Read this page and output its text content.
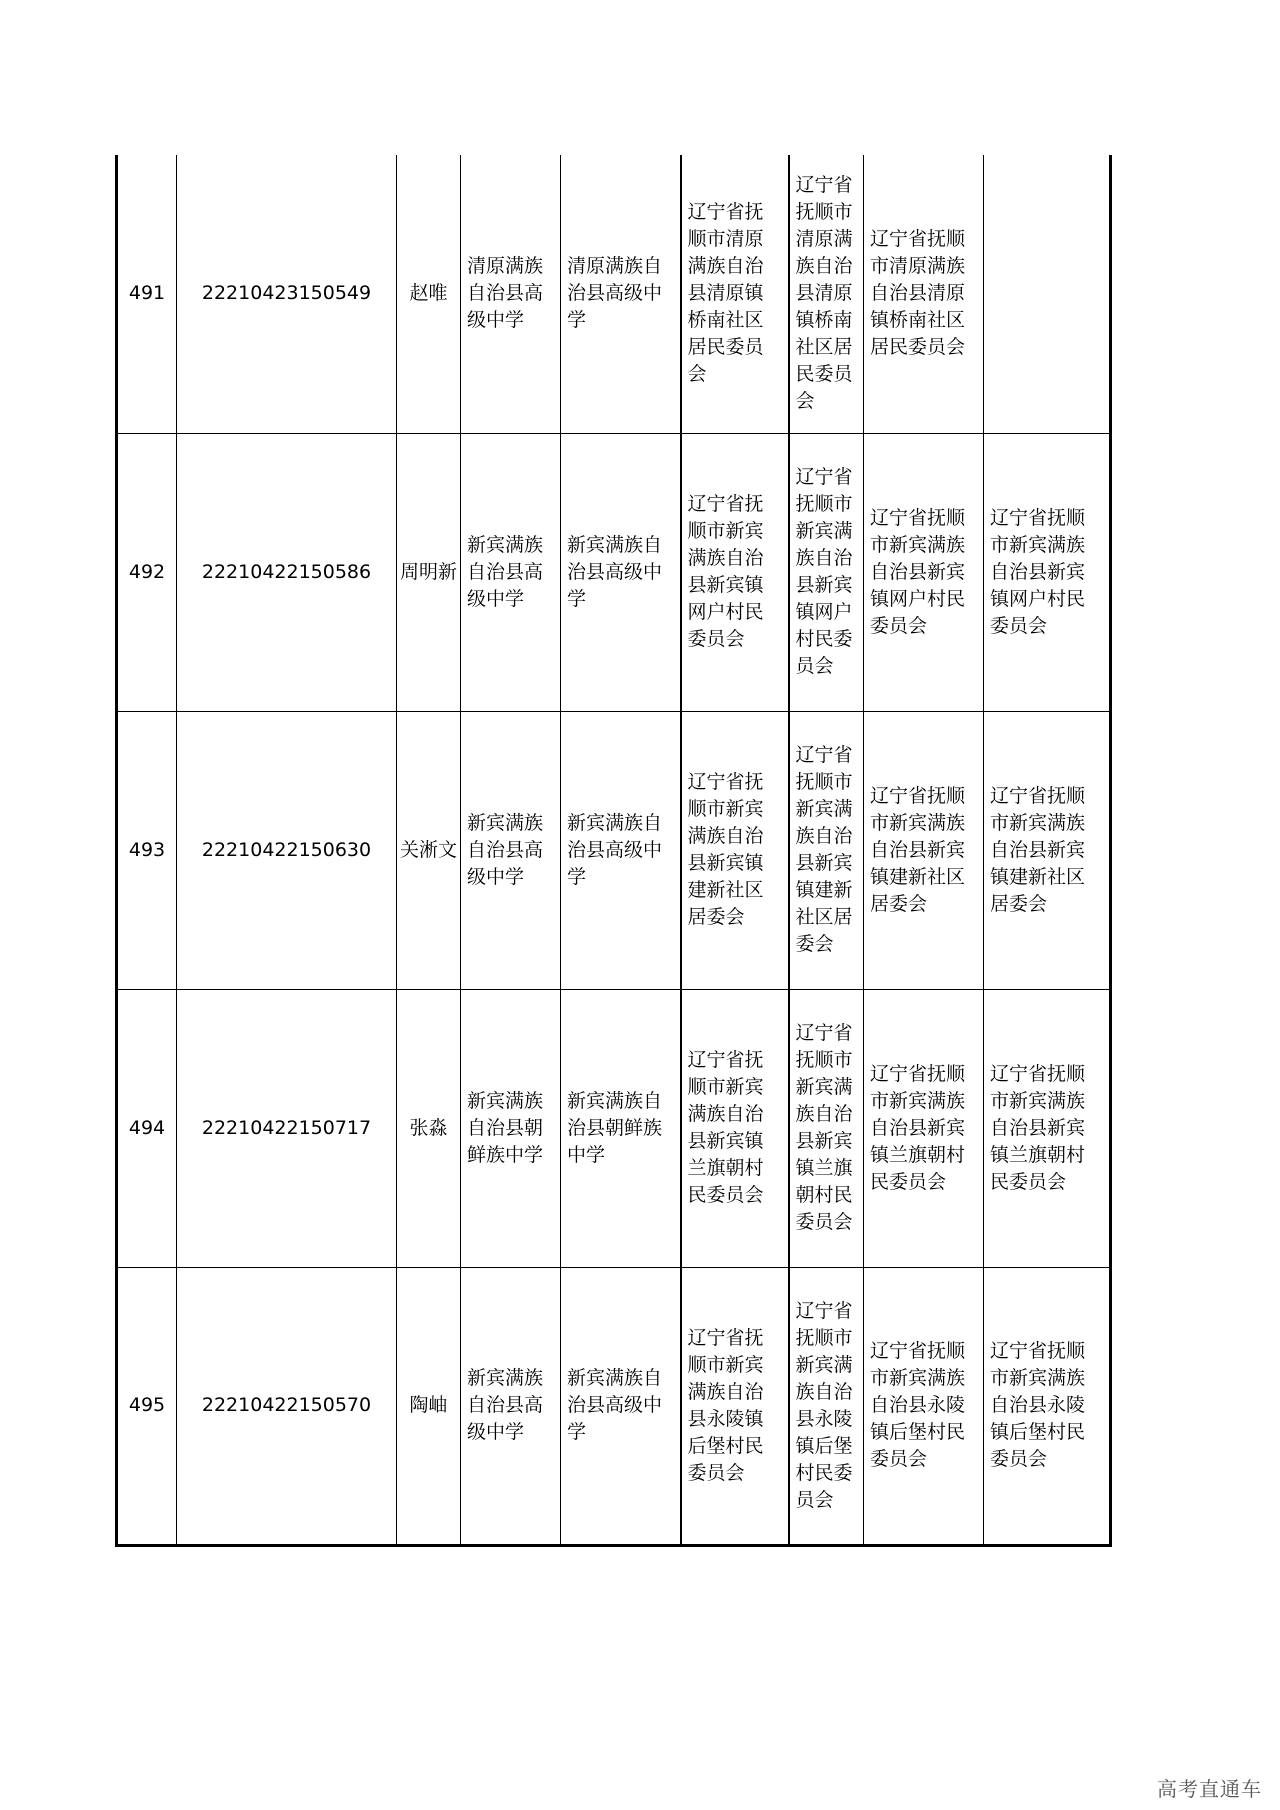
491	22210423150549	赵唯	清原满族自治县高级中学	清原满族自治县高级中学	辽宁省抚顺市清原满族自治县清原镇桥南社区居民委员会	辽宁省抚顺市清原满族自治县清原镇桥南社区居民委员会	辽宁省抚顺市清原满族自治县清原镇桥南社区居民委员会	
492	22210422150586	周明新	新宾满族自治县高级中学	新宾满族自治县高级中学	辽宁省抚顺市新宾满族自治县新宾镇网户村民委员会	辽宁省抚顺市新宾满族自治县新宾镇网户村民委员会	辽宁省抚顺市新宾满族自治县新宾镇网户村民委员会	辽宁省抚顺市新宾满族自治县新宾镇网户村民委员会
493	22210422150630	关淅文	新宾满族自治县高级中学	新宾满族自治县高级中学	辽宁省抚顺市新宾满族自治县新宾镇建新社区居委会	辽宁省抚顺市新宾满族自治县新宾镇建新社区居委会	辽宁省抚顺市新宾满族自治县新宾镇建新社区居委会	辽宁省抚顺市新宾满族自治县新宾镇建新社区居委会
494	22210422150717	张淼	新宾满族自治县朝鲜族中学	新宾满族自治县朝鲜族中学	辽宁省抚顺市新宾满族自治县新宾镇兰旗朝村民委员会	辽宁省抚顺市新宾满族自治县新宾镇兰旗朝村民委员会	辽宁省抚顺市新宾满族自治县新宾镇兰旗朝村民委员会	辽宁省抚顺市新宾满族自治县新宾镇兰旗朝村民委员会
495	22210422150570	陶岫	新宾满族自治县高级中学	新宾满族自治县高级中学	辽宁省抚顺市新宾满族自治县永陵镇后堡村民委员会	辽宁省抚顺市新宾满族自治县永陵镇后堡村民委员会	辽宁省抚顺市新宾满族自治县永陵镇后堡村民委员会	辽宁省抚顺市新宾满族自治县永陵镇后堡村民委员会
高考直通车
